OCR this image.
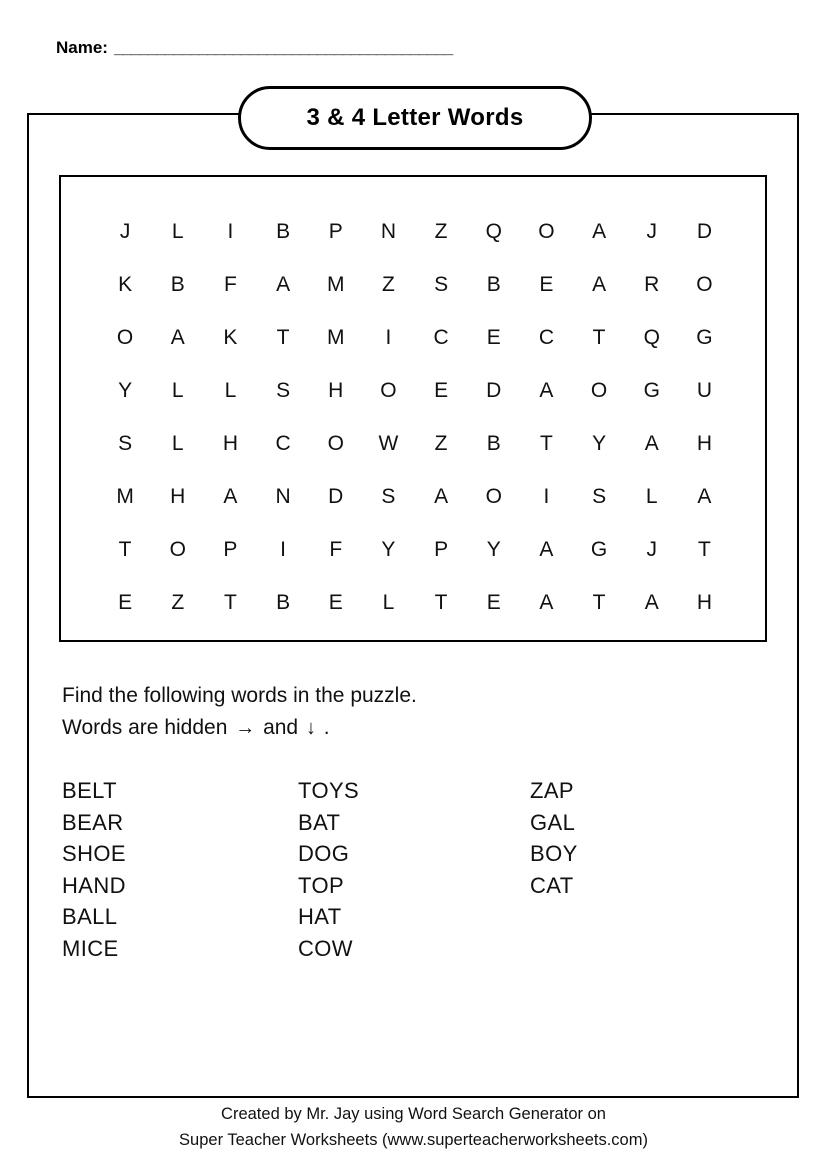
Name: ________________________________________
3 & 4 Letter Words
J	L	I	B	P	N	Z	Q	O	A	J	D
K	B	F	A	M	Z	S	B	E	A	R	O
O	A	K	T	M	I	C	E	C	T	Q	G
Y	L	L	S	H	O	E	D	A	O	G	U
S	L	H	C	O	W	Z	B	T	Y	A	H
M	H	A	N	D	S	A	O	I	S	L	A
T	O	P	I	F	Y	P	Y	A	G	J	T
E	Z	T	B	E	L	T	E	A	T	A	H
Find the following words in the puzzle.
Words are hidden → and ↓ .
BELT
BEAR
SHOE
HAND
BALL
MICE
TOYS
BAT
DOG
TOP
HAT
COW
ZAP
GAL
BOY
CAT
Created by Mr. Jay using Word Search Generator on
Super Teacher Worksheets (www.superteacherworksheets.com)
